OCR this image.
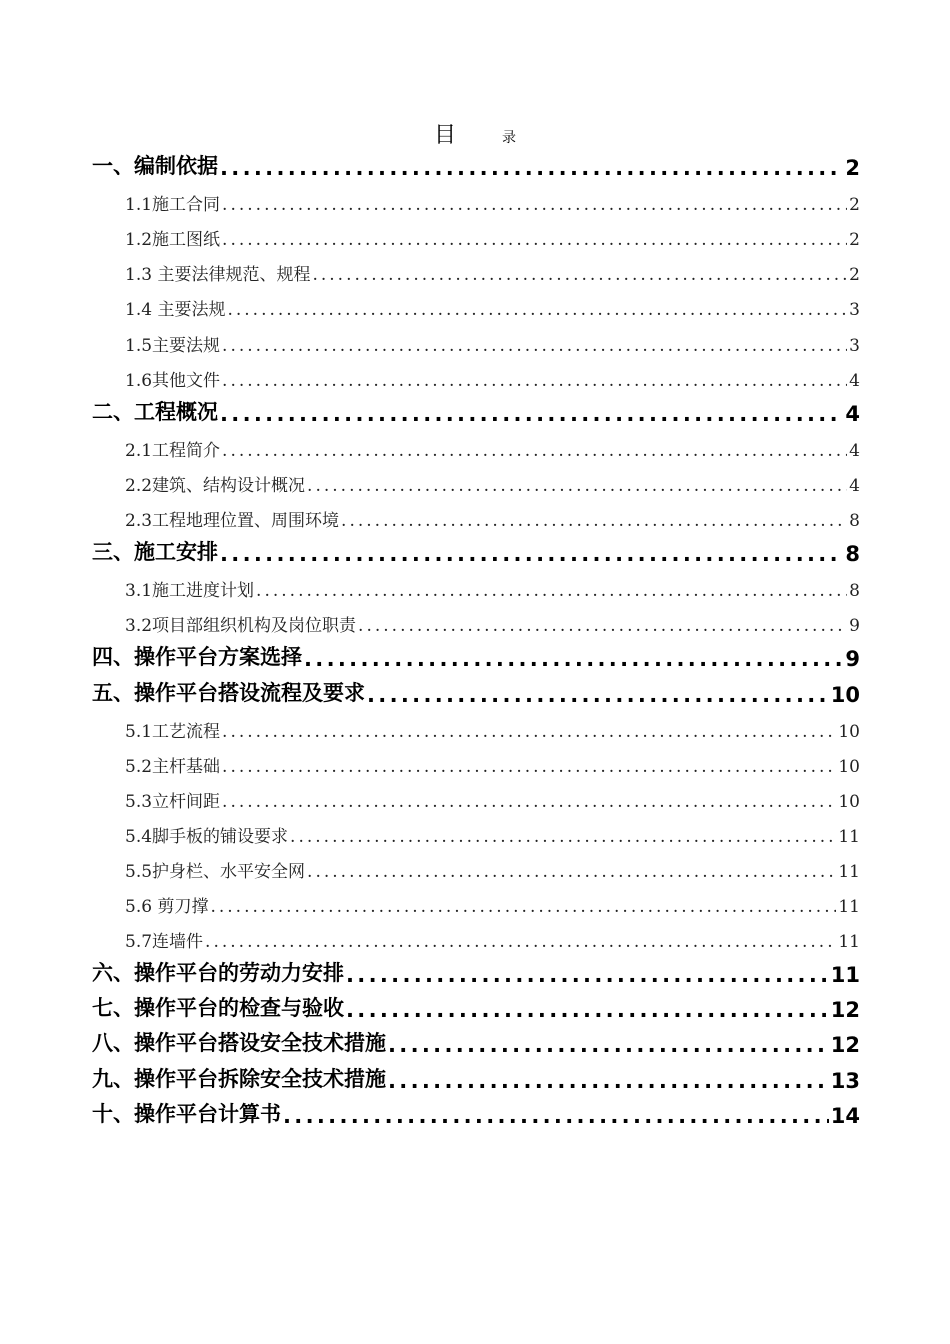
目	录
一、编制依据 . . .	2
1.1施工合同 . . .	2
1.2施工图纸 . . .	2
1.3 主要法律规范、规程 . . .	2
1.4 主要法规 . . .	3
1.5主要法规 . . .	3
1.6其他文件 . . .	4
二、工程概况 . . .	4
2.1工程简介 . . .	4
2.2建筑、结构设计概况 . . .	4
2.3工程地理位置、周围环境 . . .	8
三、施工安排 . . .	8
3.1施工进度计划 . . .	8
3.2项目部组织机构及岗位职责 . . .	9
四、操作平台方案选择 . . .	9
五、操作平台搭设流程及要求 . . .	10
5.1工艺流程 . . .	10
5.2主杆基础 . . .	10
5.3立杆间距 . . .	10
5.4脚手板的铺设要求 . . .	11
5.5护身栏、水平安全网 . . .	11
5.6 剪刀撑 . . .	11
5.7连墙件 . . .	11
六、操作平台的劳动力安排 . . .	11
七、操作平台的检查与验收 . . .	12
八、操作平台搭设安全技术措施 . . .	12
九、操作平台拆除安全技术措施 . . .	13
十、操作平台计算书 . . .	14
